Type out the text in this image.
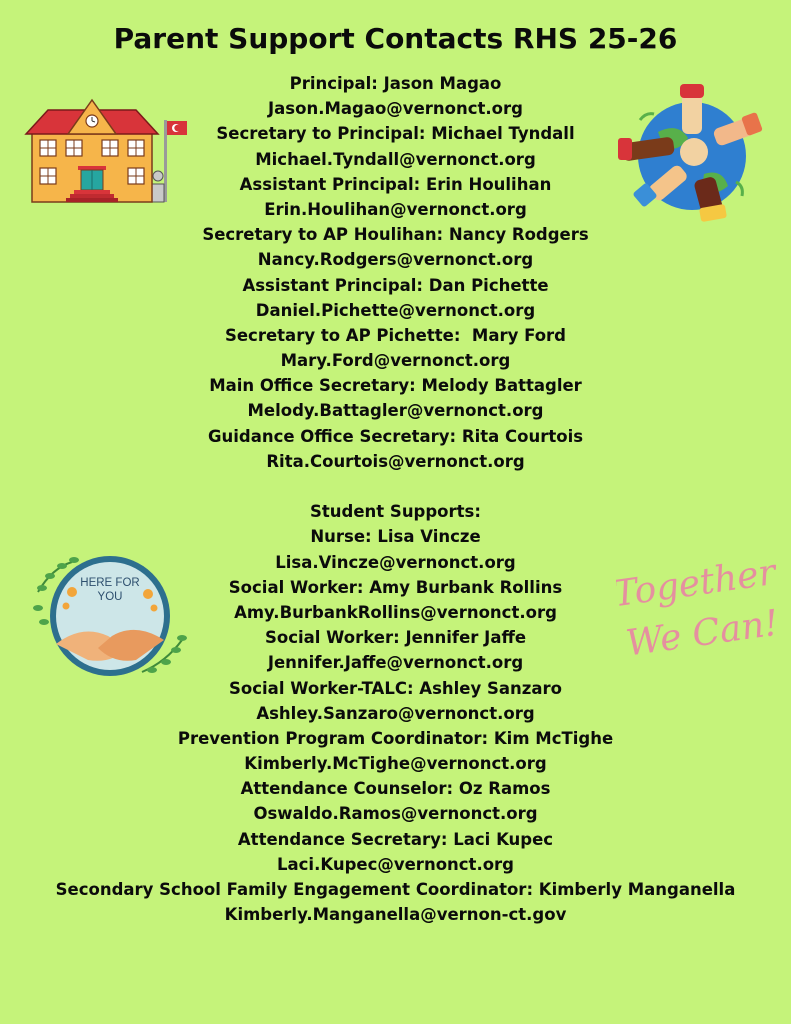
Parent Support Contacts RHS 25-26
HERE FOR
YOU	Together
We Can!
Principal: Jason Magao
Jason.Magao@vernonct.org
Secretary to Principal: Michael Tyndall
Michael.Tyndall@vernonct.org
Assistant Principal: Erin Houlihan
Erin.Houlihan@vernonct.org
Secretary to AP Houlihan: Nancy Rodgers
Nancy.Rodgers@vernonct.org
Assistant Principal: Dan Pichette
Daniel.Pichette@vernonct.org
Secretary to AP Pichette:  Mary Ford
Mary.Ford@vernonct.org
Main Office Secretary: Melody Battagler
Melody.Battagler@vernonct.org
Guidance Office Secretary: Rita Courtois
Rita.Courtois@vernonct.org
Student Supports:
Nurse: Lisa Vincze
Lisa.Vincze@vernonct.org
Social Worker: Amy Burbank Rollins
Amy.BurbankRollins@vernonct.org
Social Worker: Jennifer Jaffe
Jennifer.Jaffe@vernonct.org
Social Worker-TALC: Ashley Sanzaro
Ashley.Sanzaro@vernonct.org
Prevention Program Coordinator: Kim McTighe
Kimberly.McTighe@vernonct.org
Attendance Counselor: Oz Ramos
Oswaldo.Ramos@vernonct.org
Attendance Secretary: Laci Kupec
Laci.Kupec@vernonct.org
Secondary School Family Engagement Coordinator: Kimberly Manganella
Kimberly.Manganella@vernon-ct.gov
